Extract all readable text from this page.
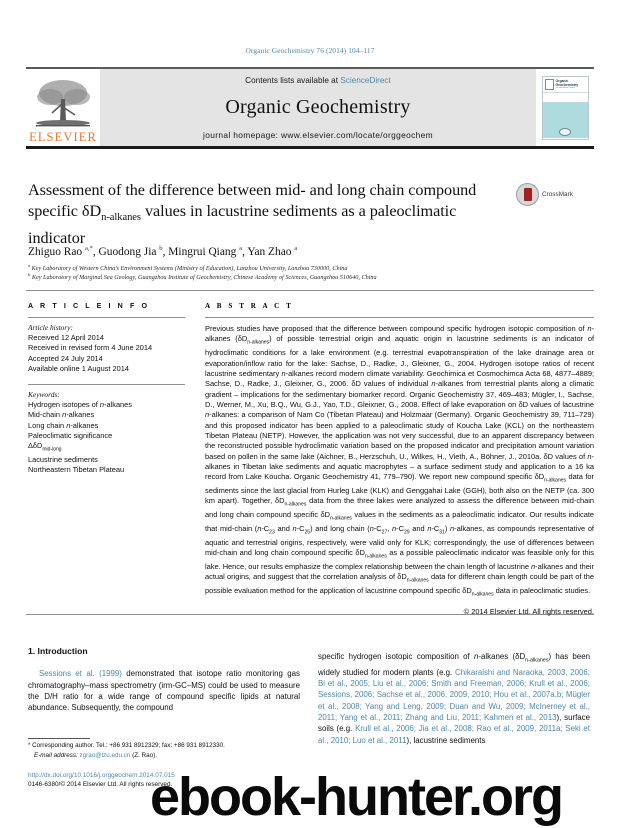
Organic Geochemistry 76 (2014) 104–117
ELSEVIER
Contents lists available at ScienceDirect
Organic Geochemistry
journal homepage: www.elsevier.com/locate/orggeochem
Organic Geochemistry
An International Journal
Assessment of the difference between mid- and long chain compound specific $\delta D_{n-alkanes}$ values in lacustrine sediments as a paleoclimatic indicator
CrossMark
Zhiguo Rao $^{a,*}$, Guodong Jia $^b$, Mingrui Qiang $^a$, Yan Zhao $^a$
$^a$ Key Laboratory of Western China's Environment Systems (Ministry of Education), Lanzhou University, Lanzhou 730000, China
$^b$ Key Laboratory of Marginal Sea Geology, Guangzhou Institute of Geochemistry, Chinese Academy of Sciences, Guangzhou 510640, China
A R T I C L E I N F O
Article history:
Received 12 April 2014
Received in revised form 4 June 2014
Accepted 24 July 2014
Available online 1 August 2014
Keywords:
Hydrogen isotopes of n-alkanes
Mid-chain n-alkanes
Long chain n-alkanes
Paleoclimatic significance
ΔδD$_{mid-long}$
Lacustrine sediments
Northeastern Tibetan Plateau
A B S T R A C T
Previous studies have proposed that the difference between compound specific hydrogen isotopic composition of n-alkanes $(\delta D_{n-alkanes})$ of possible terrestrial origin and aquatic origin in lacustrine sediments is an indicator of hydroclimatic conditions for a lake environment (e.g. terrestrial evapotranspiration of the lake drainage area or evaporation/inflow ratio for the lake: Sachse, D., Radke, J., Gleixner, G., 2004. Hydrogen isotope ratios of recent lacustrine sedimentary n-alkanes record modern climate variability. Geochimica et Cosmochimca Acta 68, 4877–4889; Sachse, D., Radke, J., Gleixner, G., 2006. δD values of individual n-alkanes from terrestrial plants along a climatic gradient – implications for the sedimentary biomarker record. Organic Geochemistry 37, 469–483; Mügler, I., Sachse, D., Werner, M., Xu, B.Q., Wu, G.J., Yao, T.D., Gleixner, G., 2008. Effect of lake evaporation on δD values of lacustrine n-alkanes: a comparison of Nam Co (Tibetan Plateau) and Holzmaar (Germany). Organic Geochemistry 39, 711–729) and this proposed indicator has been applied to a paleoclimatic study of Koucha Lake (KCL) on the northeastern Tibetan Plateau (NETP). However, the application was not very successful, due to an apparent discrepancy between the reconstructed possible hydroclimatic variation based on the proposed indicator and precipitation amount variation based on pollen in the same lake (Aichner, B., Herzschuh, U., Wilkes, H., Vieth, A., Böhner, J., 2010a. δD values of n-alkanes in Tibetan lake sediments and aquatic macrophytes – a surface sediment study and application to a 16 ka record from Lake Koucha. Organic Geochemistry 41, 779–790). We report new compound specific $\delta D_{n-alkanes}$ data for sediments since the last glacial from Hurleg Lake (KLK) and Genggahai Lake (GGH), both also on the NETP (ca. 300 km apart). Together, $\delta D_{n-alkanes}$ data from the three lakes were analyzed to assess the difference between mid-chain and long chain compound specific $\delta D_{n-alkanes}$ values in the sediments as a paleoclimatic indicator. Our results indicate that mid-chain ($n-C_{23}$ and $n-C_{25}$) and long chain ($n-C_{27}$, $n-C_{29}$ and $n-C_{31}$) n-alkanes, as compounds representative of aquatic and terrestrial origins, respectively, were valid only for KLK; correspondingly, the use of differences between mid-chain and long chain compound specific $\delta D_{n-alkanes}$ as a possible paleoclimatic indicator was feasible only for this lake. Hence, our results emphasize the complex relationship between the chain length of lacustrine n-alkanes and their actual origins, and suggest that the correlation analysis of $\delta D_{n-alkanes}$ data for different chain length could be part of the possible evaluation method for the application of lacustrine compound specific $\delta D_{n-alkanes}$ data in paleoclimatic studies.
© 2014 Elsevier Ltd. All rights reserved.
1. Introduction

Sessions et al. (1999) demonstrated that isotope ratio monitoring gas chromatography–mass spectrometry (irm-GC–MS) could be used to measure the D/H ratio for a wide range of compound specific lipids at natural abundance. Subsequently, the compound

specific hydrogen isotopic composition of n-alkanes $(\delta D_{n-alkanes})$ has been widely studied for modern plants (e.g. Chikaraishi and Naraoka, 2003, 2006; Bi et al., 2005; Liu et al., 2006; Smith and Freeman, 2006; Krull et al., 2006; Sessions, 2006; Sachse et al., 2006, 2009, 2010; Hou et al., 2007a,b; Mügler et al., 2008; Yang and Leng, 2009; Duan and Wu, 2009; McInerney et al., 2011; Yang et al., 2011; Zhang and Liu, 2011; Kahmen et al., 2013), surface soils (e.g. Krull et al., 2006; Jia et al., 2008; Rao et al., 2009, 2011a; Seki et al., 2010; Luo et al., 2011), lacustrine sediments

* Corresponding author. Tel.: +86 931 8912329; fax: +86 931 8912330.
E-mail address: zgrao@lzu.edu.cn (Z. Rao).
http://dx.doi.org/10.1016/j.orggeochem.2014.07.015
0146-6380/© 2014 Elsevier Ltd. All rights reserved.
ebook-hunter.org
